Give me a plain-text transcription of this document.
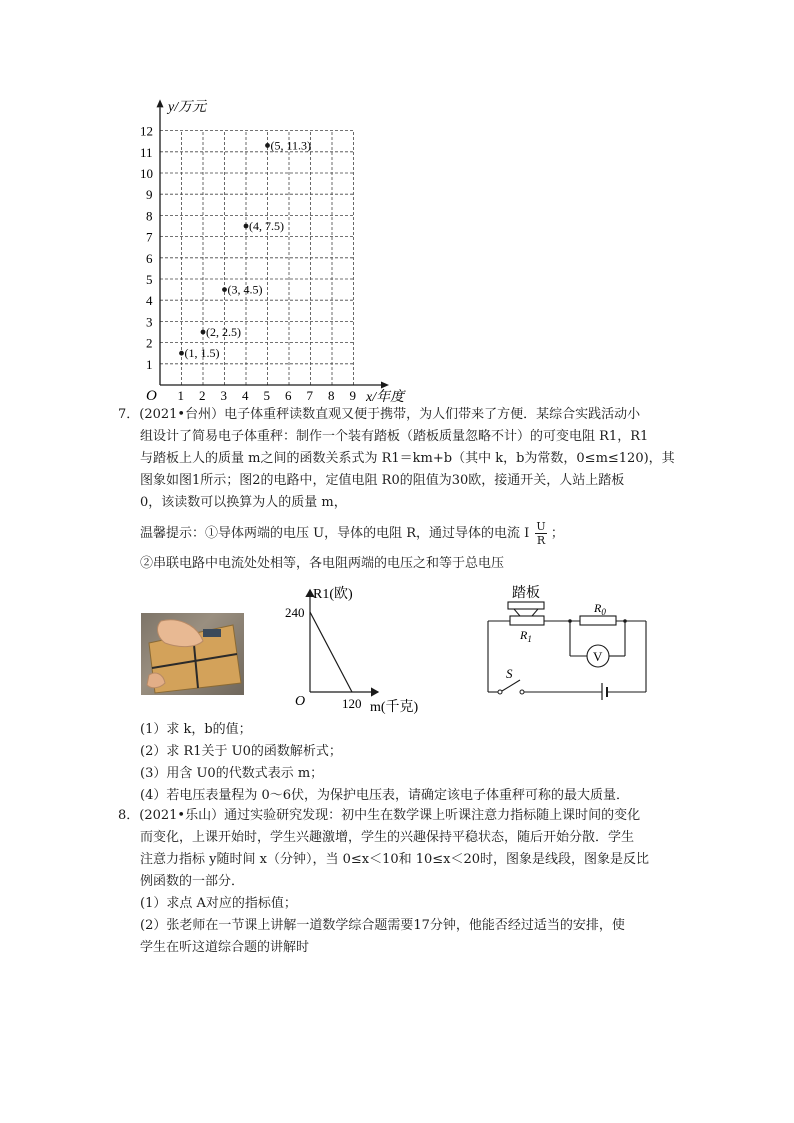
1 2 3 4 5 6 7 8 9
1
2
3
4
5
6
7
8
9
10
11
12
(1, 1.5)
(2, 2.5)
(3, 4.5)
(4, 7.5)
(5, 11.3)
y/万元
x/年度
O
7．(2021•台州）电子体重秤读数直观又便于携带，为人们带来了方便．某综合实践活动小
组设计了简易电子体重秤：制作一个装有踏板（踏板质量忽略不计）的可变电阻 R1，R1
与踏板上人的质量 m之间的函数关系式为 R1＝km+b（其中 k，b为常数，0≤m≤120)，其
图象如图1所示；图2的电路中，定值电阻 R0的阻值为30欧，接通开关，人站上踏板
0，该读数可以换算为人的质量 m，
温馨提示：①导体两端的电压 U，导体的电阻 R，通过导体的电流 I $\frac{U}{R}$ ；
②串联电路中电流处处相等，各电阻两端的电压之和等于总电压
R1(欧)
240
120 m(千克)
O
踏板
$R_1$
$R_0$
V
S
(1）求 k，b的值；
(2）求 R1关于 U0的函数解析式；
(3）用含 U0的代数式表示 m；
(4）若电压表量程为 0～6伏，为保护电压表，请确定该电子体重秤可称的最大质量．
8．(2021•乐山）通过实验研究发现：初中生在数学课上听课注意力指标随上课时间的变化
而变化，上课开始时，学生兴趣激增，学生的兴趣保持平稳状态，随后开始分散．学生
注意力指标 y随时间 x（分钟），当 0≤x＜10和 10≤x＜20时，图象是线段，图象是反比
例函数的一部分．
(1）求点 A对应的指标值；
(2）张老师在一节课上讲解一道数学综合题需要17分钟，他能否经过适当的安排，使
学生在听这道综合题的讲解时
